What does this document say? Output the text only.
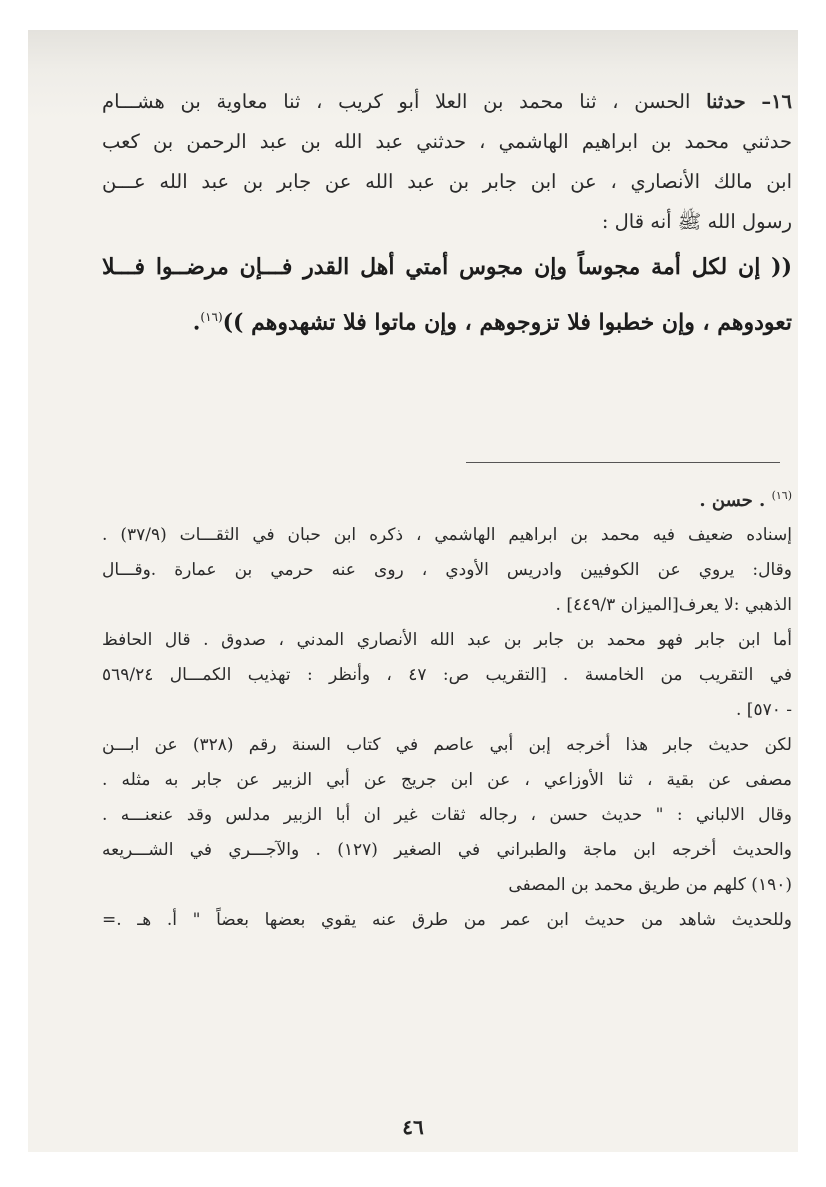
١٦– حدثنا الحسن ، ثنا محمد بن العلا أبو كريب ، ثنا معاوية بن هشـــام
حدثني محمد بن ابراهيم الهاشمي ، حدثني عبد الله بن عبد الرحمن بن كعب
ابن مالك الأنصاري ، عن ابن جابر بن عبد الله عن جابر بن عبد الله عـــن
رسول الله ﷺ أنه قال :
(( إن لكل أمة مجوساً وإن مجوس أمتي أهل القدر فـــإن مرضــوا فـــلا
تعودوهم ، وإن خطبوا فلا تزوجوهم ، وإن ماتوا فلا تشهدوهم ))$^{(١٦)}$.
$^{(١٦)}$ . حسن .
إسناده ضعيف فيه محمد بن ابراهيم الهاشمي ، ذكره ابن حبان في الثقـــات (٣٧/٩) .
وقال: يروي عن الكوفيين وادريس الأودي ، روى عنه حرمي بن عمارة .وقـــال
الذهبي :لا يعرف[الميزان ٤٤٩/٣] .
أما ابن جابر فهو محمد بن جابر بن عبد الله الأنصاري المدني ، صدوق . قال الحافظ
في التقريب من الخامسة . [التقريب ص: ٤٧ ، وأنظر : تهذيب الكمـــال ٥٦٩/٢٤
- ٥٧٠] .
لكن حديث جابر هذا أخرجه إبن أبي عاصم في كتاب السنة رقم (٣٢٨) عن ابـــن
مصفى عن بقية ، ثنا الأوزاعي ، عن ابن جريج عن أبي الزبير عن جابر به مثله .
وقال الالباني : " حديث حسن ، رجاله ثقات غير ان أبا الزبير مدلس وقد عنعنـــه .
والحديث أخرجه ابن ماجة والطبراني في الصغير (١٢٧) . والآجـــري في الشـــريعه
(١٩٠) كلهم من طريق محمد بن المصفى
وللحديث شاهد من حديث ابن عمر من طرق عنه يقوي بعضها بعضاً " أ. هـ .=
٤٦
